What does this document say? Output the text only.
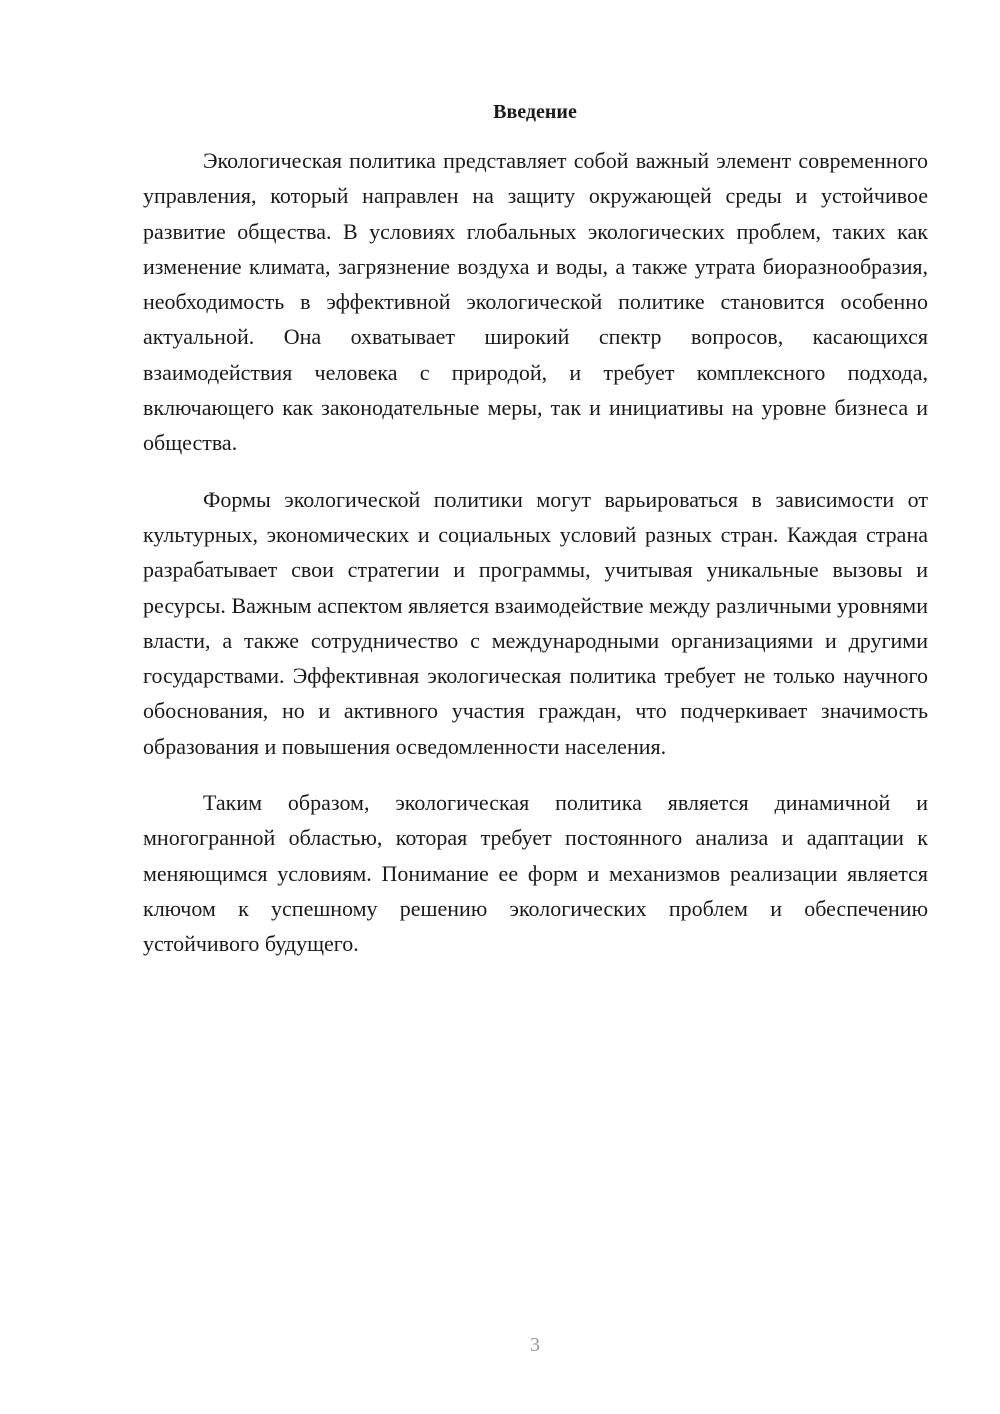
Введение

Экологическая политика представляет собой важный элемент современного управления, который направлен на защиту окружающей среды и устойчивое развитие общества. В условиях глобальных экологических проблем, таких как изменение климата, загрязнение воздуха и воды, а также утрата биоразнообразия, необходимость в эффективной экологической политике становится особенно актуальной. Она охватывает широкий спектр вопросов, касающихся взаимодействия человека с природой, и требует комплексного подхода, включающего как законодательные меры, так и инициативы на уровне бизнеса и общества.

Формы экологической политики могут варьироваться в зависимости от культурных, экономических и социальных условий разных стран. Каждая страна разрабатывает свои стратегии и программы, учитывая уникальные вызовы и ресурсы. Важным аспектом является взаимодействие между различными уровнями власти, а также сотрудничество с международными организациями и другими государствами. Эффективная экологическая политика требует не только научного обоснования, но и активного участия граждан, что подчеркивает значимость образования и повышения осведомленности населения.

Таким образом, экологическая политика является динамичной и многогранной областью, которая требует постоянного анализа и адаптации к меняющимся условиям. Понимание ее форм и механизмов реализации является ключом к успешному решению экологических проблем и обеспечению устойчивого будущего.

3
